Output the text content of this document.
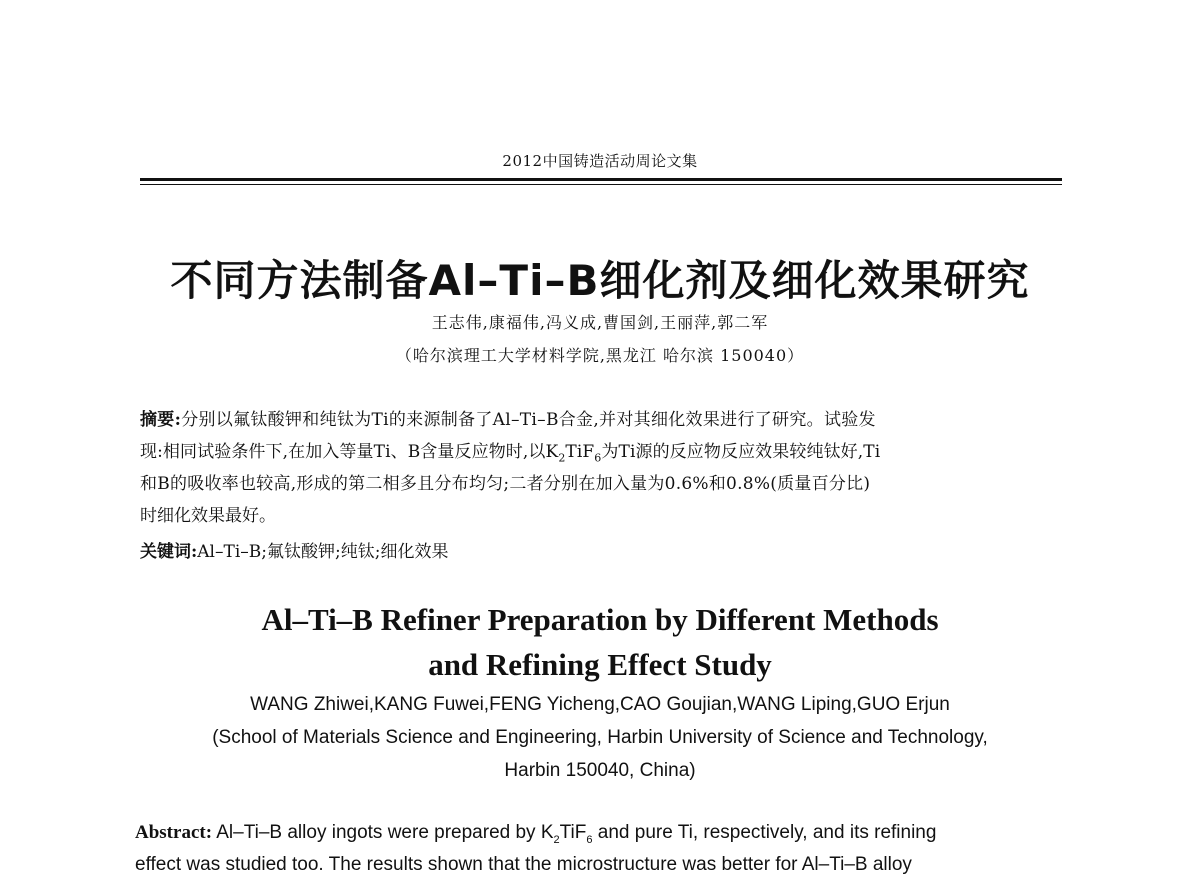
2012中国铸造活动周论文集
不同方法制备Al–Ti–B细化剂及细化效果研究
王志伟,康福伟,冯义成,曹国剑,王丽萍,郭二军
（哈尔滨理工大学材料学院,黑龙江 哈尔滨 150040）
摘要:分别以氟钛酸钾和纯钛为Ti的来源制备了Al–Ti–B合金,并对其细化效果进行了研究。试验发
现:相同试验条件下,在加入等量Ti、B含量反应物时,以$K_2TiF_6$为Ti源的反应物反应效果较纯钛好,Ti
和B的吸收率也较高,形成的第二相多且分布均匀;二者分别在加入量为0.6%和0.8%(质量百分比)
时细化效果最好。
关键词:Al–Ti–B;氟钛酸钾;纯钛;细化效果
Al–Ti–B Refiner Preparation by Different Methods
and Refining Effect Study
WANG Zhiwei,KANG Fuwei,FENG Yicheng,CAO Goujian,WANG Liping,GUO Erjun
(School of Materials Science and Engineering, Harbin University of Science and Technology,
Harbin 150040, China)
Abstract: Al–Ti–B alloy ingots were prepared by $K_2TiF_6$ and pure Ti, respectively, and its refining
effect was studied too. The results shown that the microstructure was better for Al–Ti–B alloy
